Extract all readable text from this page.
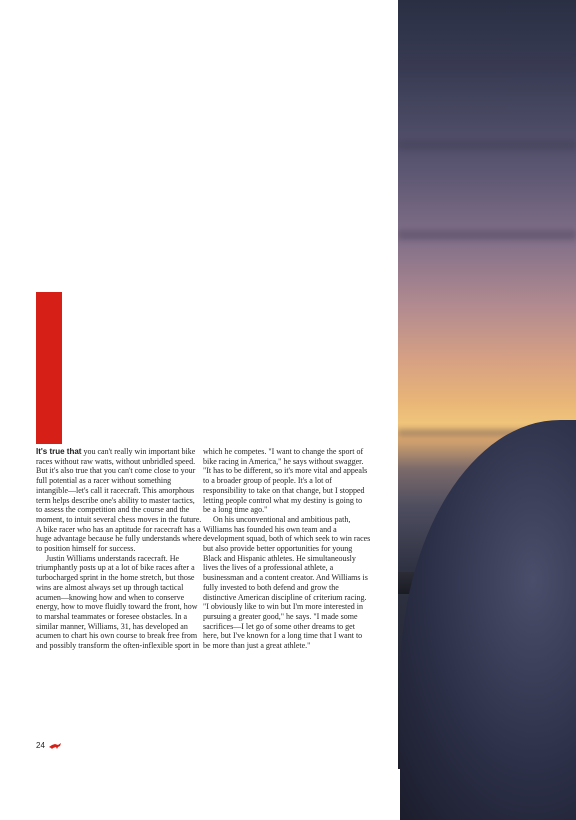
It's true that you can't really win important bike races without raw watts, without unbridled speed. But it's also true that you can't come close to your full potential as a racer without something intangible—let's call it racecraft. This amorphous term helps describe one's ability to master tactics, to assess the competition and the course and the moment, to intuit several chess moves in the future. A bike racer who has an aptitude for racecraft has a huge advantage because he fully understands where to position himself for success.

Justin Williams understands racecraft. He triumphantly posts up at a lot of bike races after a turbocharged sprint in the home stretch, but those wins are almost always set up through tactical acumen—knowing how and when to conserve energy, how to move fluidly toward the front, how to marshal teammates or foresee obstacles. In a similar manner, Williams, 31, has developed an acumen to chart his own course to break free from and possibly transform the often-inflexible sport in

which he competes. "I want to change the sport of bike racing in America," he says without swagger. "It has to be different, so it's more vital and appeals to a broader group of people. It's a lot of responsibility to take on that change, but I stopped letting people control what my destiny is going to be a long time ago."

On his unconventional and ambitious path, Williams has founded his own team and a development squad, both of which seek to win races but also provide better opportunities for young Black and Hispanic athletes. He simultaneously lives the lives of a professional athlete, a businessman and a content creator. And Williams is fully invested to both defend and grow the distinctive American discipline of criterium racing. "I obviously like to win but I'm more interested in pursuing a greater good," he says. "I made some sacrifices—I let go of some other dreams to get here, but I've known for a long time that I want to be more than just a great athlete."

24
